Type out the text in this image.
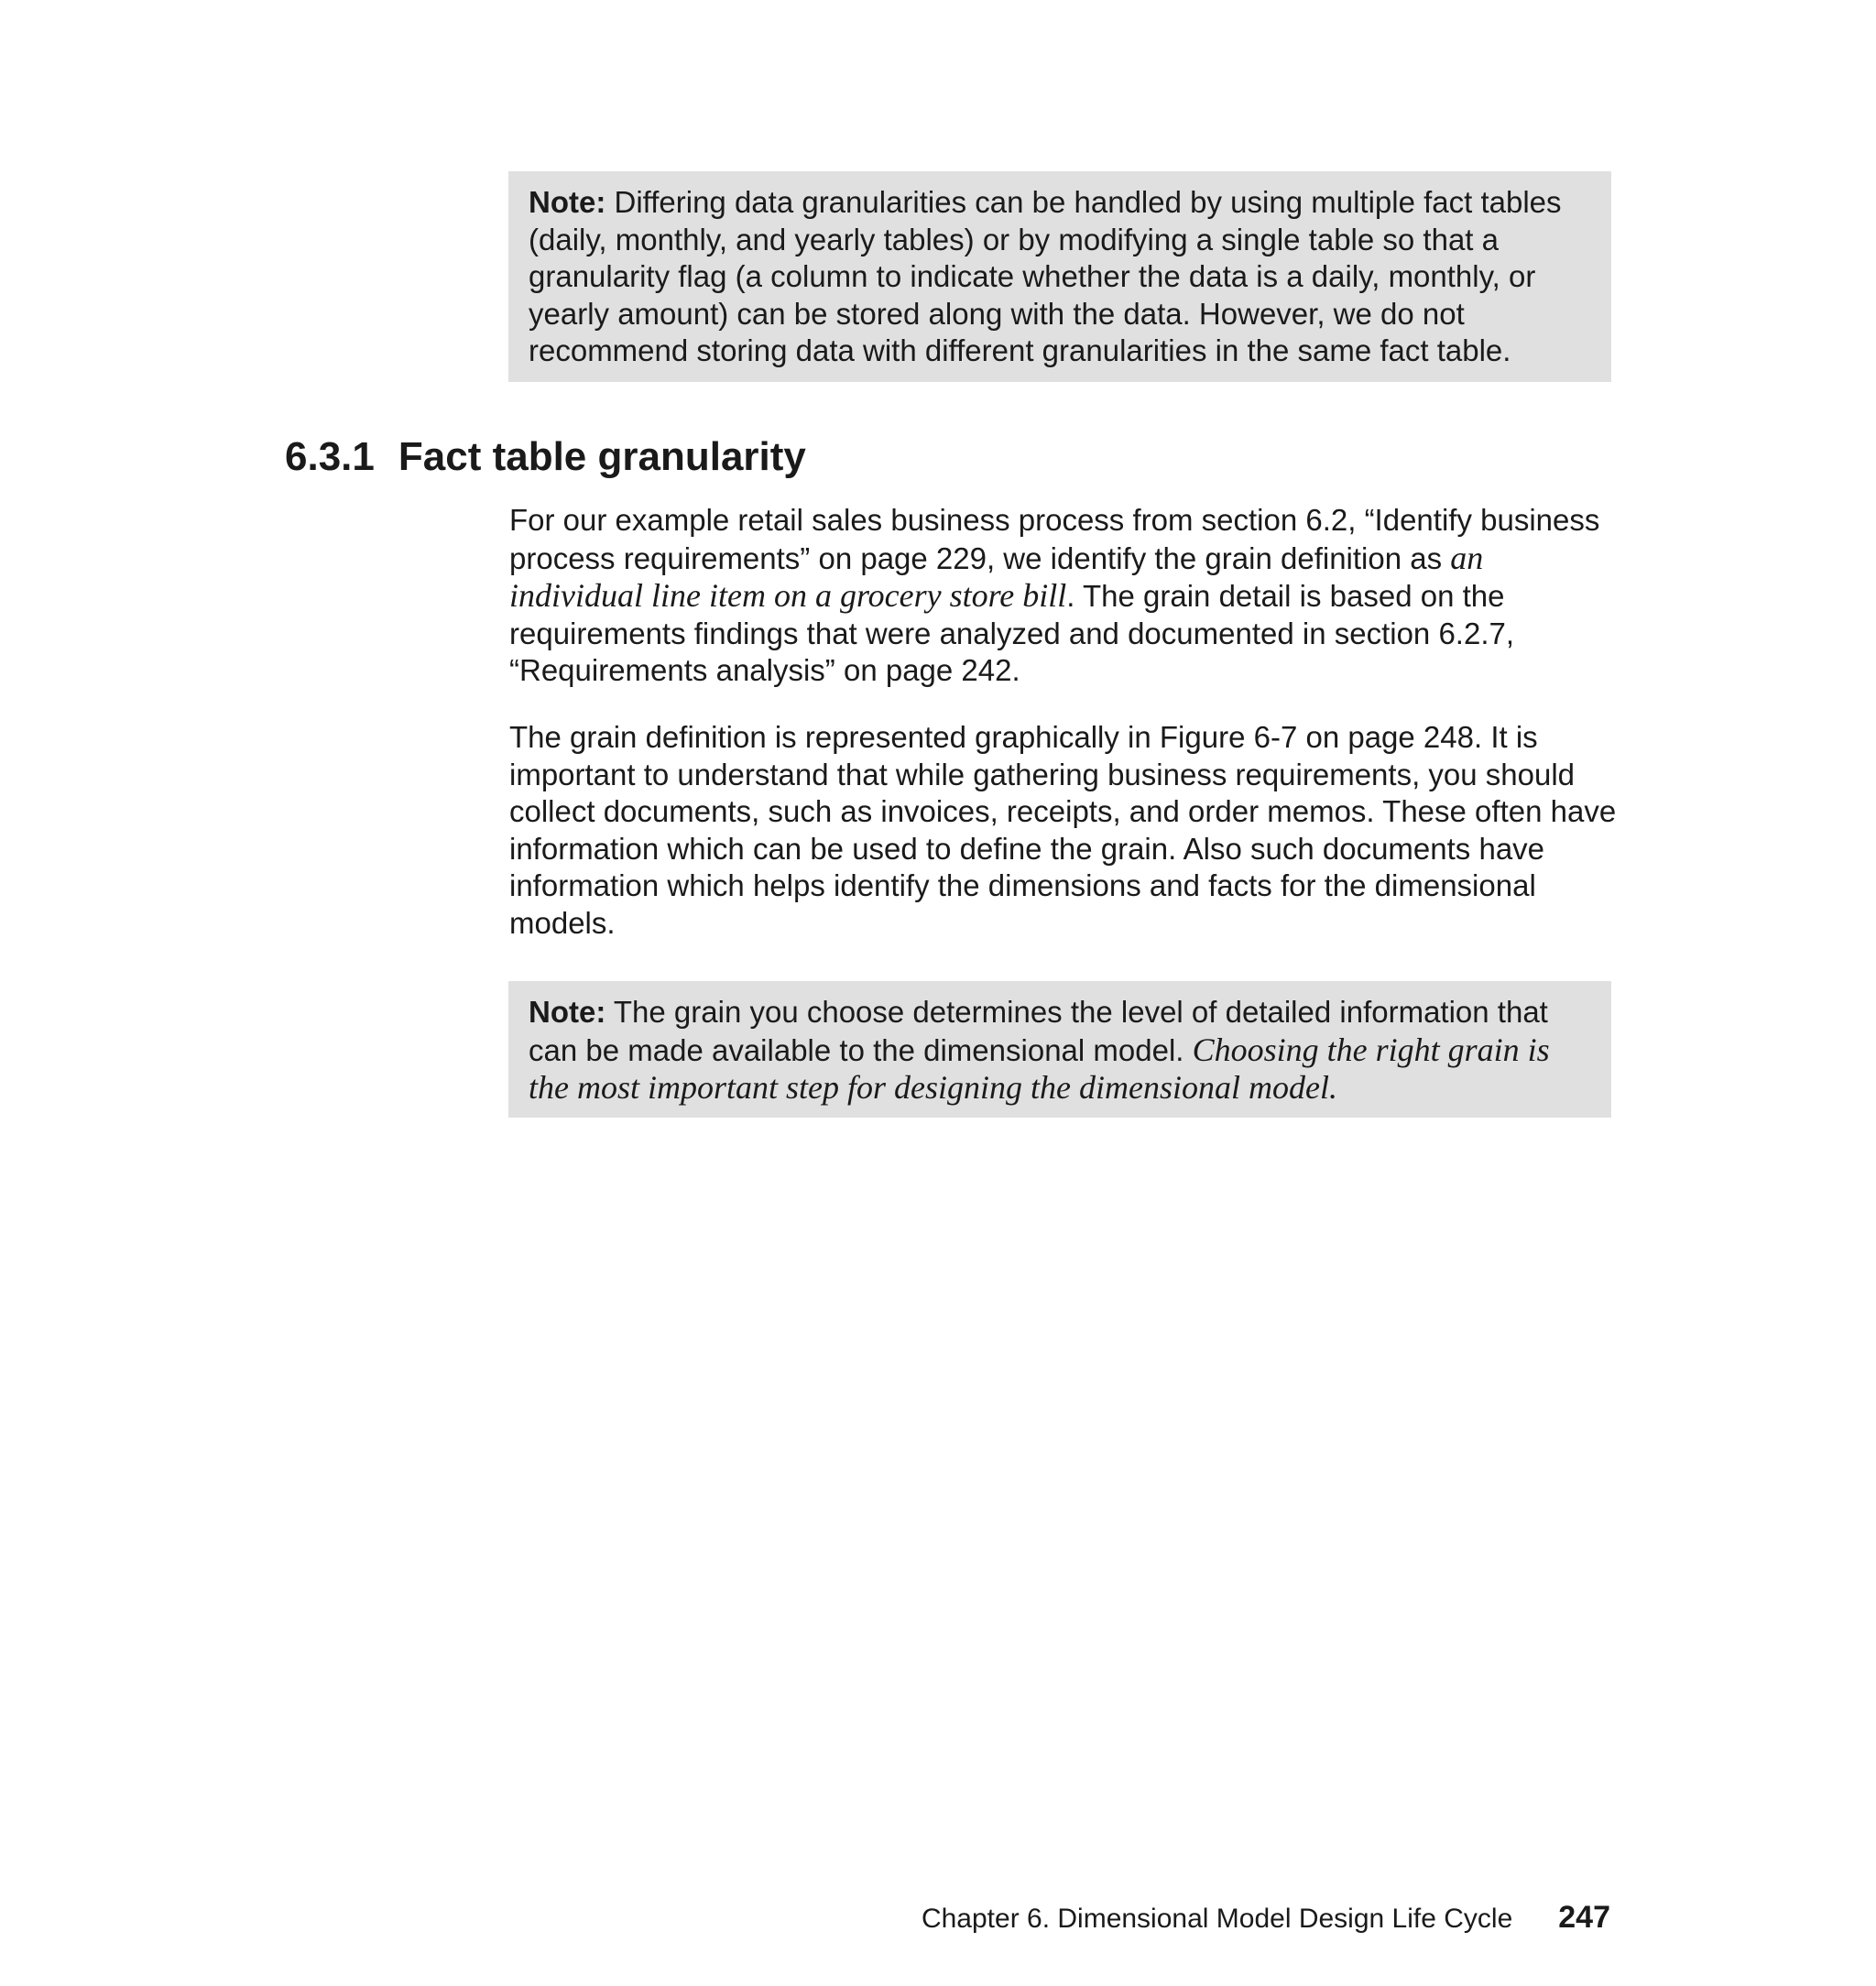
Note: Differing data granularities can be handled by using multiple fact tables (daily, monthly, and yearly tables) or by modifying a single table so that a granularity flag (a column to indicate whether the data is a daily, monthly, or yearly amount) can be stored along with the data. However, we do not recommend storing data with different granularities in the same fact table.
6.3.1 Fact table granularity

For our example retail sales business process from section 6.2, “Identify business process requirements” on page 229, we identify the grain definition as an individual line item on a grocery store bill. The grain detail is based on the requirements findings that were analyzed and documented in section 6.2.7, “Requirements analysis” on page 242.

The grain definition is represented graphically in Figure 6-7 on page 248. It is important to understand that while gathering business requirements, you should collect documents, such as invoices, receipts, and order memos. These often have information which can be used to define the grain. Also such documents have information which helps identify the dimensions and facts for the dimensional models.

Note: The grain you choose determines the level of detailed information that can be made available to the dimensional model. Choosing the right grain is the most important step for designing the dimensional model.
Chapter 6. Dimensional Model Design Life Cycle 247
